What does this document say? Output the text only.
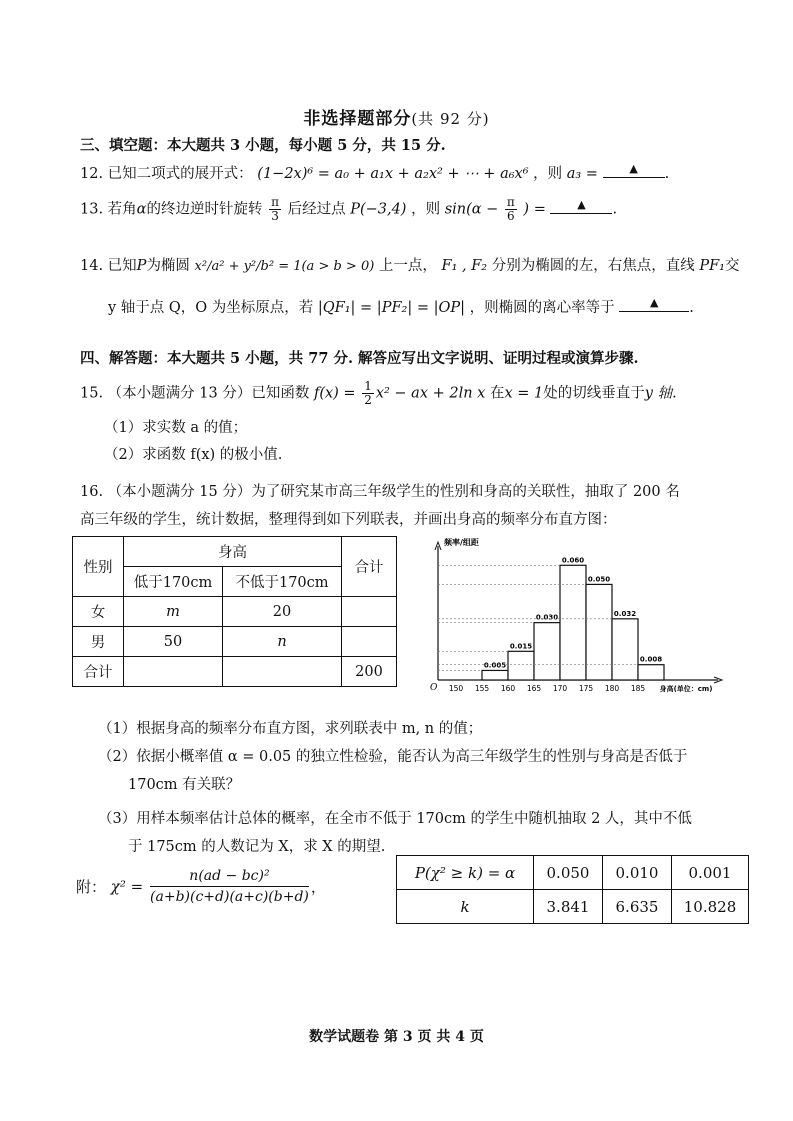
非选择题部分(共 92 分)
三、填空题：本大题共 3 小题，每小题 5 分，共 15 分.
12. 已知二项式的展开式： (1−2x)⁶ = a₀ + a₁x + a₂x² + ⋯ + a₆x⁶ ，则 a₃ =	▲ .
13. 若角α的终边逆时针旋转 $\frac{\pi}{3}$ 后经过点 P(−3,4) ，则 $\sin(\alpha - \frac{\pi}{6}$ ) =	▲ .
14. 已知P为椭圆 x²/a² + y²/b² = 1(a > b > 0) 上一点， F₁ , F₂ 分别为椭圆的左，右焦点，直线 PF₁交
y 轴于点 Q，O 为坐标原点，若 |QF₁| = |PF₂| = |OP| ，则椭圆的离心率等于	▲ .
四、解答题：本大题共 5 小题，共 77 分. 解答应写出文字说明、证明过程或演算步骤.
15. （本小题满分 13 分）已知函数 $f(x) = \frac{1}{2} x^2$ − ax + 2ln x 在x = 1处的切线垂直于y 轴.
（1）求实数 a 的值；
（2）求函数 f(x) 的极小值.
16. （本小题满分 15 分）为了研究某市高三年级学生的性别和身高的关联性，抽取了 200 名
高三年级的学生，统计数据，整理得到如下列联表，并画出身高的频率分布直方图：
性别	身高		合计
	低于170cm	不低于170cm	
女	m	20	
男	50	n	
合计			200	0.005
0.015
0.030
0.060
0.050
0.032
0.008
150 155 160 165 170 175 180 185
O
频率/组距
身高(单位：cm)
（1）根据身高的频率分布直方图，求列联表中 m, n 的值；
（2）依据小概率值 α = 0.05 的独立性检验，能否认为高三年级学生的性别与身高是否低于
170cm 有关联？
（3）用样本频率估计总体的概率，在全市不低于 170cm 的学生中随机抽取 2 人，其中不低
于 175cm 的人数记为 X，求 X 的期望.
附： $\chi^2 = \frac{\text{n(ad − bc)²}}{(a+b)(c+d)(a+c)(b+d)}$ ，
P(χ² ≥ k) = α	0.050	0.010	0.001
k	3.841	6.635	10.828
数学试题卷 第 3 页 共 4 页
